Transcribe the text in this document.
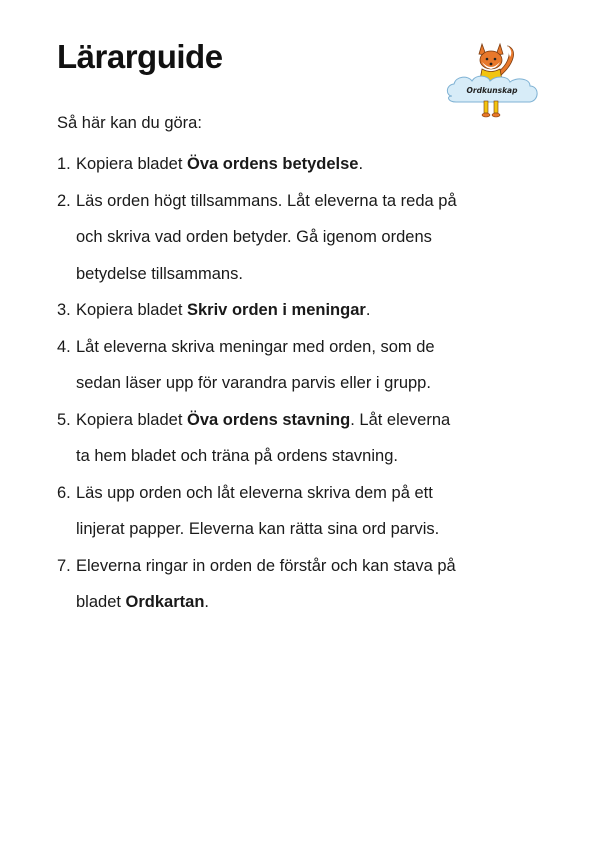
Lärarguide
Ordkunskap

Så här kan du göra:

1. Kopiera bladet Öva ordens betydelse.
2. Läs orden högt tillsammans. Låt eleverna ta reda på och skriva vad orden betyder. Gå igenom ordens betydelse tillsammans.
3. Kopiera bladet Skriv orden i meningar.
4. Låt eleverna skriva meningar med orden, som de sedan läser upp för varandra parvis eller i grupp.
5. Kopiera bladet Öva ordens stavning. Låt eleverna ta hem bladet och träna på ordens stavning.
6. Läs upp orden och låt eleverna skriva dem på ett linjerat papper. Eleverna kan rätta sina ord parvis.
7. Eleverna ringar in orden de förstår och kan stava på bladet Ordkartan.
